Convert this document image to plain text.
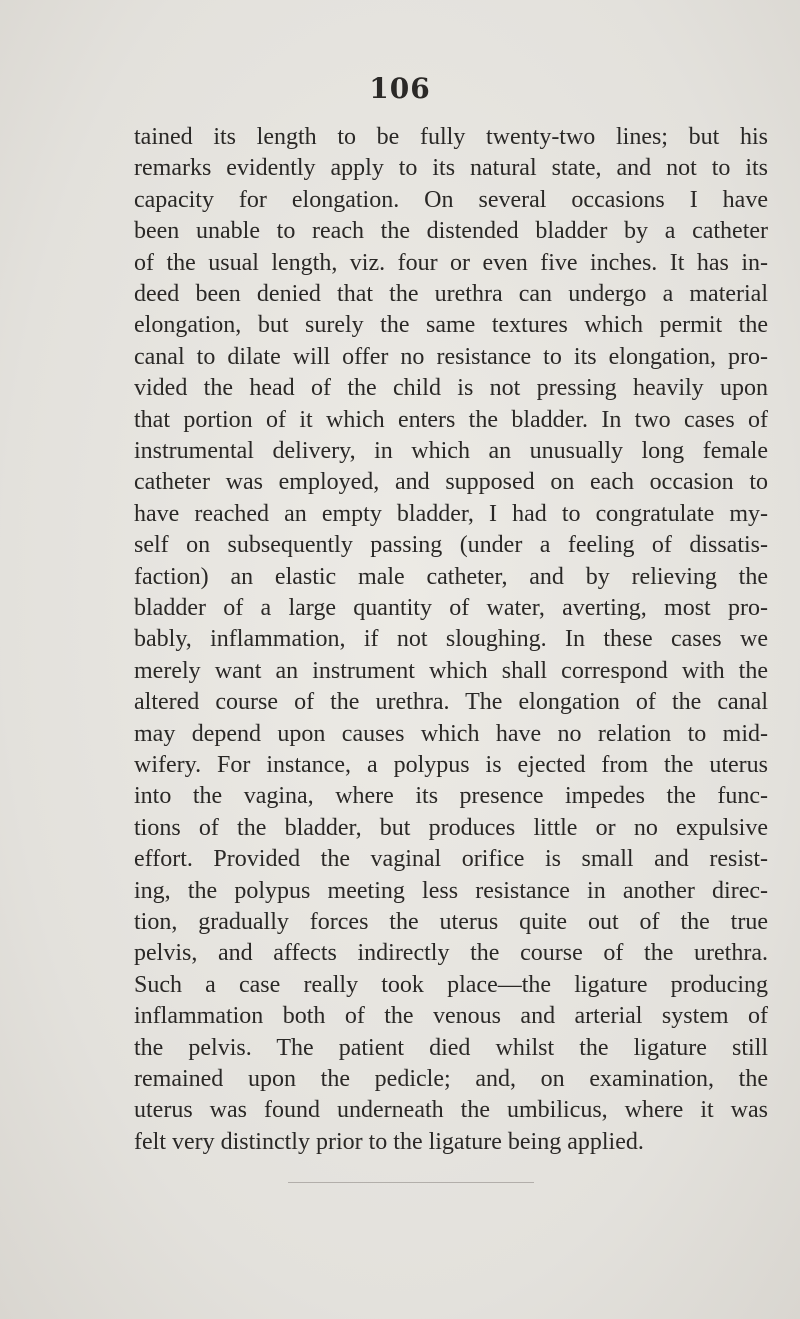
106
tained its length to be fully twenty-two lines; but his
remarks evidently apply to its natural state, and not to its
capacity for elongation. On several occasions I have
been unable to reach the distended bladder by a catheter
of the usual length, viz. four or even five inches. It has in-
deed been denied that the urethra can undergo a material
elongation, but surely the same textures which permit the
canal to dilate will offer no resistance to its elongation, pro-
vided the head of the child is not pressing heavily upon
that portion of it which enters the bladder. In two cases of
instrumental delivery, in which an unusually long female
catheter was employed, and supposed on each occasion to
have reached an empty bladder, I had to congratulate my-
self on subsequently passing (under a feeling of dissatis-
faction) an elastic male catheter, and by relieving the
bladder of a large quantity of water, averting, most pro-
bably, inflammation, if not sloughing. In these cases we
merely want an instrument which shall correspond with the
altered course of the urethra. The elongation of the canal
may depend upon causes which have no relation to mid-
wifery. For instance, a polypus is ejected from the uterus
into the vagina, where its presence impedes the func-
tions of the bladder, but produces little or no expulsive
effort. Provided the vaginal orifice is small and resist-
ing, the polypus meeting less resistance in another direc-
tion, gradually forces the uterus quite out of the true
pelvis, and affects indirectly the course of the urethra.
Such a case really took place—the ligature producing
inflammation both of the venous and arterial system of
the pelvis. The patient died whilst the ligature still
remained upon the pedicle; and, on examination, the
uterus was found underneath the umbilicus, where it was
felt very distinctly prior to the ligature being applied.
